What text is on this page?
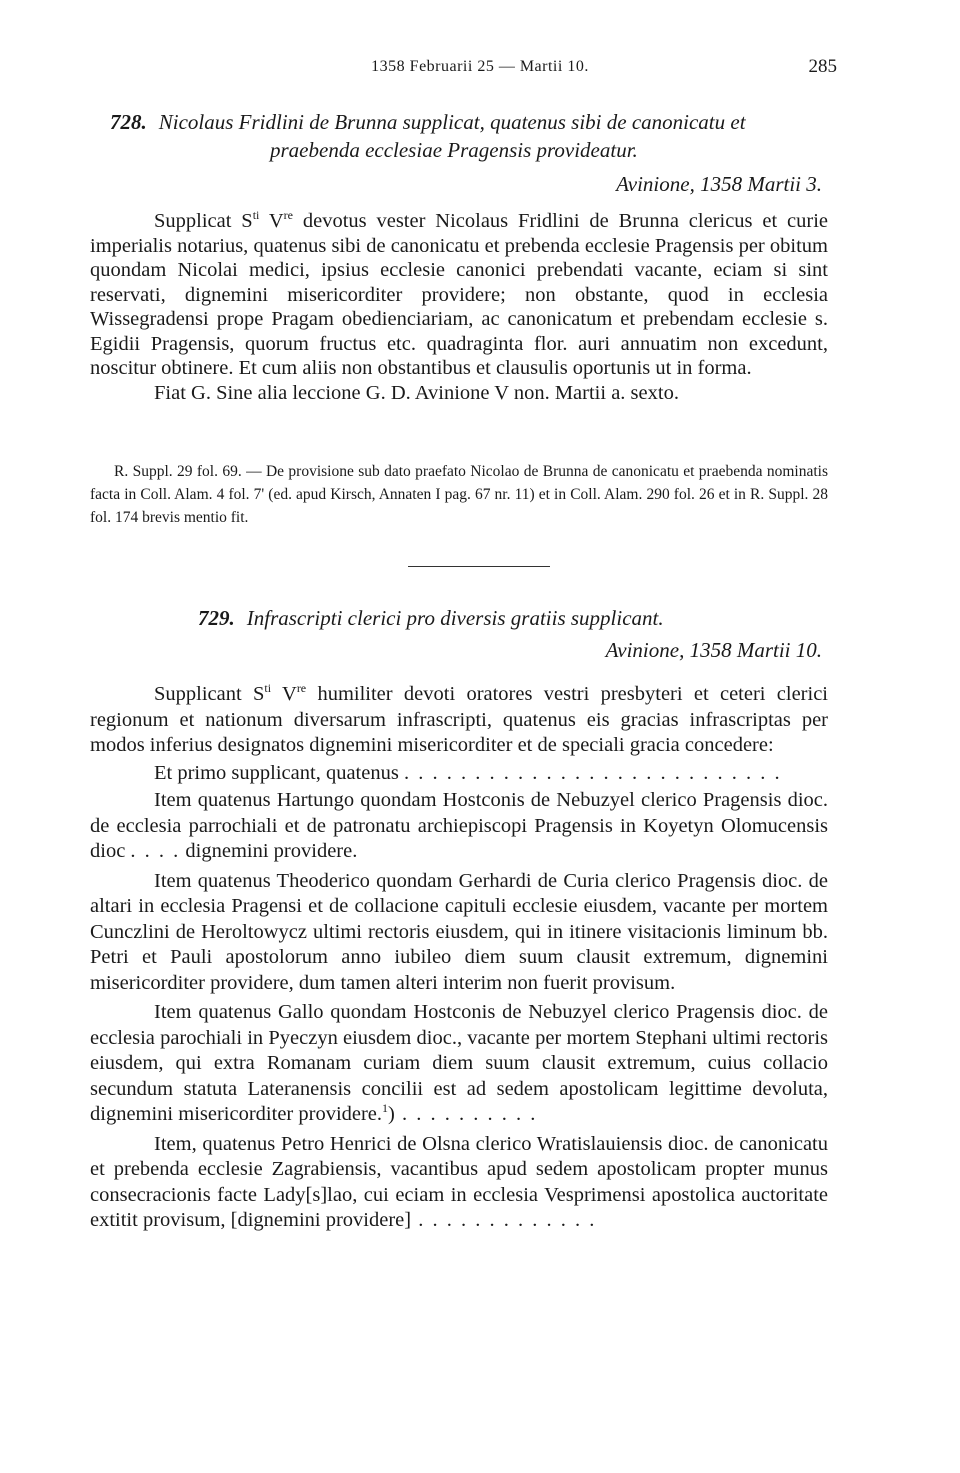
1358 Februarii 25 — Martii 10.	285
728. Nicolaus Fridlini de Brunna supplicat, quatenus sibi de canonicatu et
praebenda ecclesiae Pragensis provideatur.
Avinione, 1358 Martii 3.

Supplicat $S^{ti}$ Vre devotus vester Nicolaus Fridlini de Brunna clericus et curie imperialis notarius, quatenus sibi de canonicatu et prebenda ecclesie Pragensis per obitum quondam Nicolai medici, ipsius ecclesie canonici prebendati vacante, eciam si sint reservati, dignemini misericorditer providere; non obstante, quod in ecclesia Wissegradensi prope Pragam obedienciariam, ac canonicatum et prebendam ecclesie s. Egidii Pragensis, quorum fructus etc. quadraginta flor. auri annuatim non excedunt, noscitur obtinere. Et cum aliis non obstantibus et clausulis oportunis ut in forma.

Fiat G. Sine alia leccione G. D. Avinione V non. Martii a. sexto.

R. Suppl. 29 fol. 69. — De provisione sub dato praefato Nicolao de Brunna de canonicatu et praebenda nominatis facta in Coll. Alam. 4 fol. 7' (ed. apud Kirsch, Annaten I pag. 67 nr. 11) et in Coll. Alam. 290 fol. 26 et in R. Suppl. 28 fol. 174 brevis mentio fit.

729. Infrascripti clerici pro diversis gratiis supplicant.
Avinione, 1358 Martii 10.

Supplicant $S^{ti}$ Vre humiliter devoti oratores vestri presbyteri et ceteri clerici regionum et nationum diversarum infrascripti, quatenus eis gracias infrascriptas per modos inferius designatos dignemini misericorditer et de speciali gracia concedere:

Et primo supplicant, quatenus . . . . . . . . . . . . . . . . . . . . . . . . . . .

Item quatenus Hartungo quondam Hostconis de Nebuzyel clerico Pragensis dioc. de ecclesia parrochiali et de patronatu archiepiscopi Pragensis in Koyetyn Olomucensis dioc . . . . dignemini providere.

Item quatenus Theoderico quondam Gerhardi de Curia clerico Pragensis dioc. de altari in ecclesia Pragensi et de collacione capituli ecclesie eiusdem, vacante per mortem Cunczlini de Heroltowycz ultimi rectoris eiusdem, qui in itinere visitacionis liminum bb. Petri et Pauli apostolorum anno iubileo diem suum clausit extremum, dignemini misericorditer providere, dum tamen alteri interim non fuerit provisum.

Item quatenus Gallo quondam Hostconis de Nebuzyel clerico Pragensis dioc. de ecclesia parochiali in Pyeczyn eiusdem dioc., vacante per mortem Stephani ultimi rectoris eiusdem, qui extra Romanam curiam diem suum clausit extremum, cuius collacio secundum statuta Lateranensis concilii est ad sedem apostolicam legittime devoluta, dignemini misericorditer providere.$^1$) . . . . . . . . . .

Item, quatenus Petro Henrici de Olsna clerico Wratislauiensis dioc. de canonicatu et prebenda ecclesie Zagrabiensis, vacantibus apud sedem apostolicam propter munus consecracionis facte Lady[s]lao, cui eciam in ecclesia Vesprimensi apostolica auctoritate extitit provisum, [dignemini providere] . . . . . . . . . . . . .
